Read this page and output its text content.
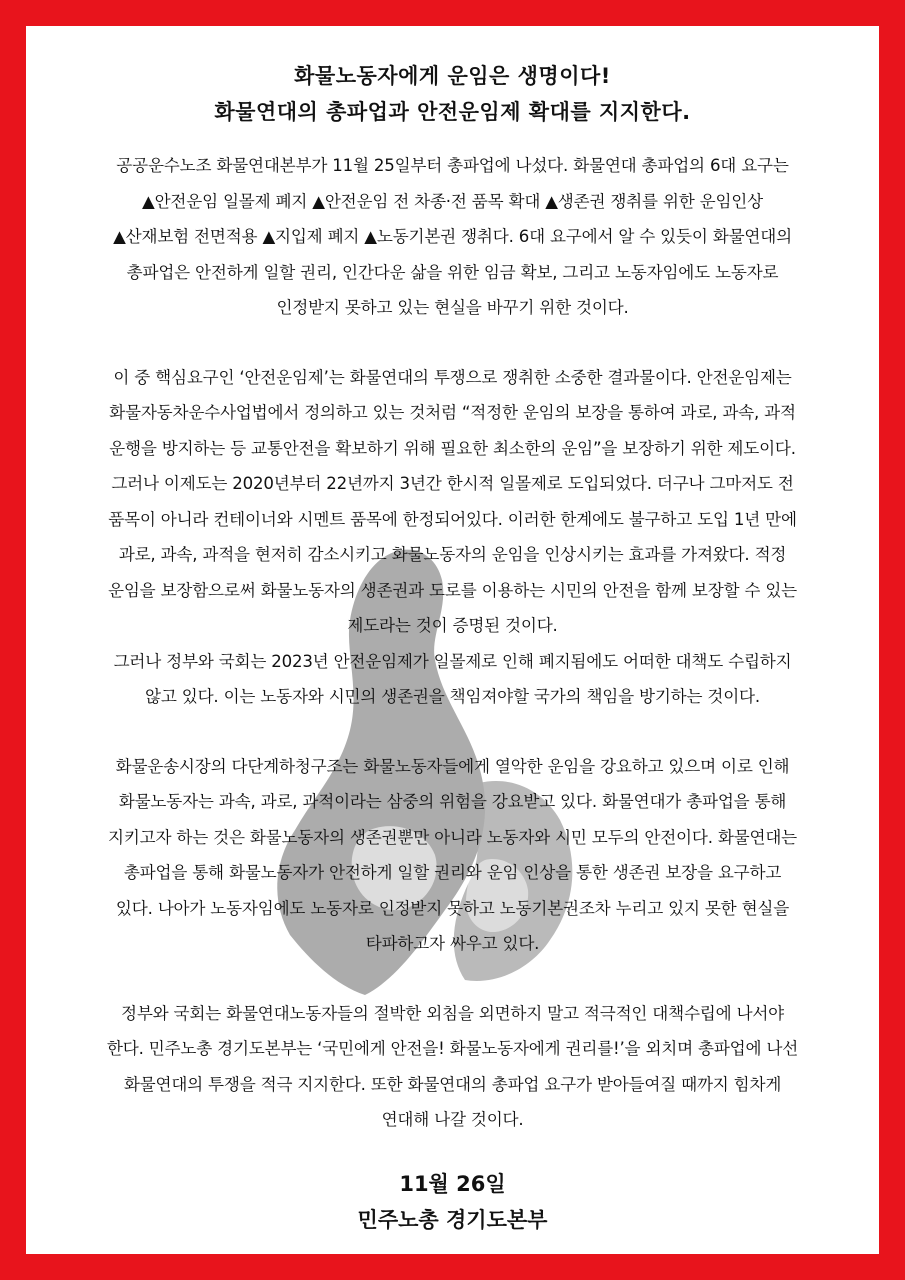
화물노동자에게 운임은 생명이다!
화물연대의 총파업과 안전운임제 확대를 지지한다.
공공운수노조 화물연대본부가 11월 25일부터 총파업에 나섰다. 화물연대 총파업의 6대 요구는
▲안전운임 일몰제 폐지 ▲안전운임 전 차종·전 품목 확대 ▲생존권 쟁취를 위한 운임인상
▲산재보험 전면적용 ▲지입제 폐지 ▲노동기본권 쟁취다. 6대 요구에서 알 수 있듯이 화물연대의
총파업은 안전하게 일할 권리, 인간다운 삶을 위한 임금 확보, 그리고 노동자임에도 노동자로
인정받지 못하고 있는 현실을 바꾸기 위한 것이다.
이 중 핵심요구인 ‘안전운임제’는 화물연대의 투쟁으로 쟁취한 소중한 결과물이다. 안전운임제는
화물자동차운수사업법에서 정의하고 있는 것처럼 “적정한 운임의 보장을 통하여 과로, 과속, 과적
운행을 방지하는 등 교통안전을 확보하기 위해 필요한 최소한의 운임”을 보장하기 위한 제도이다.
그러나 이제도는 2020년부터 22년까지 3년간 한시적 일몰제로 도입되었다. 더구나 그마저도 전
품목이 아니라 컨테이너와 시멘트 품목에 한정되어있다. 이러한 한계에도 불구하고 도입 1년 만에
과로, 과속, 과적을 현저히 감소시키고 화물노동자의 운임을 인상시키는 효과를 가져왔다. 적정
운임을 보장함으로써 화물노동자의 생존권과 도로를 이용하는 시민의 안전을 함께 보장할 수 있는
제도라는 것이 증명된 것이다.
그러나 정부와 국회는 2023년 안전운임제가 일몰제로 인해 폐지됨에도 어떠한 대책도 수립하지
않고 있다. 이는 노동자와 시민의 생존권을 책임져야할 국가의 책임을 방기하는 것이다.
화물운송시장의 다단계하청구조는 화물노동자들에게 열악한 운임을 강요하고 있으며 이로 인해
화물노동자는 과속, 과로, 과적이라는 삼중의 위험을 강요받고 있다. 화물연대가 총파업을 통해
지키고자 하는 것은 화물노동자의 생존권뿐만 아니라 노동자와 시민 모두의 안전이다. 화물연대는
총파업을 통해 화물노동자가 안전하게 일할 권리와 운임 인상을 통한 생존권 보장을 요구하고
있다. 나아가 노동자임에도 노동자로 인정받지 못하고 노동기본권조차 누리고 있지 못한 현실을
타파하고자 싸우고 있다.
정부와 국회는 화물연대노동자들의 절박한 외침을 외면하지 말고 적극적인 대책수립에 나서야
한다. 민주노총 경기도본부는 ‘국민에게 안전을! 화물노동자에게 권리를!’을 외치며 총파업에 나선
화물연대의 투쟁을 적극 지지한다. 또한 화물연대의 총파업 요구가 받아들여질 때까지 힘차게
연대해 나갈 것이다.
11월 26일
민주노총 경기도본부
